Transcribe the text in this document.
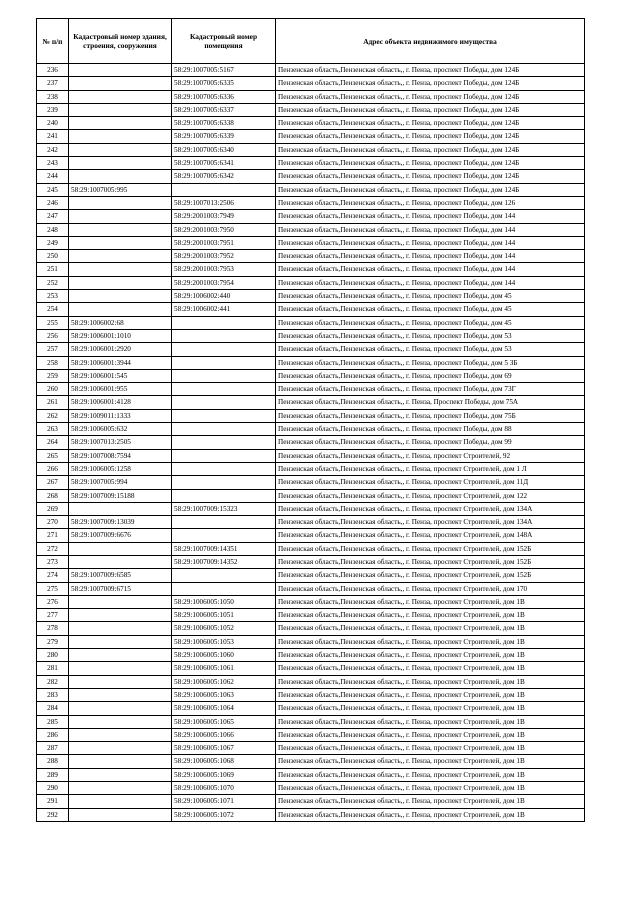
№ п/п	Кадастровый номер здания, строения, сооружения	Кадастровый номер помещения	Адрес объекта недвижимого имущества
236		58:29:1007005:5167	Пензенская область,Пензенская область,, г. Пенза, проспект Победы, дом 124Б
237		58:29:1007005:6335	Пензенская область,Пензенская область,, г. Пенза, проспект Победы, дом 124Б
238		58:29:1007005:6336	Пензенская область,Пензенская область,, г. Пенза, проспект Победы, дом 124Б
239		58:29:1007005:6337	Пензенская область,Пензенская область,, г. Пенза, проспект Победы, дом 124Б
240		58:29:1007005:6338	Пензенская область,Пензенская область,, г. Пенза, проспект Победы, дом 124Б
241		58:29:1007005:6339	Пензенская область,Пензенская область,, г. Пенза, проспект Победы, дом 124Б
242		58:29:1007005:6340	Пензенская область,Пензенская область,, г. Пенза, проспект Победы, дом 124Б
243		58:29:1007005:6341	Пензенская область,Пензенская область,, г. Пенза, проспект Победы, дом 124Б
244		58:29:1007005:6342	Пензенская область,Пензенская область,, г. Пенза, проспект Победы, дом 124Б
245	58:29:1007005:995		Пензенская область,Пензенская область,, г. Пенза, проспект Победы, дом 124Б
246		58:29:1007013:2506	Пензенская область,Пензенская область,, г. Пенза, проспект Победы, дом 126
247		58:29:2001003:7949	Пензенская область,Пензенская область,, г. Пенза, проспект Победы, дом 144
248		58:29:2001003:7950	Пензенская область,Пензенская область,, г. Пенза, проспект Победы, дом 144
249		58:29:2001003:7951	Пензенская область,Пензенская область,, г. Пенза, проспект Победы, дом 144
250		58:29:2001003:7952	Пензенская область,Пензенская область,, г. Пенза, проспект Победы, дом 144
251		58:29:2001003:7953	Пензенская область,Пензенская область,, г. Пенза, проспект Победы, дом 144
252		58:29:2001003:7954	Пензенская область,Пензенская область,, г. Пенза, проспект Победы, дом 144
253		58:29:1006002:440	Пензенская область,Пензенская область,, г. Пенза, проспект Победы, дом 45
254		58:29:1006002:441	Пензенская область,Пензенская область,, г. Пенза, проспект Победы, дом 45
255	58:29:1006002:68		Пензенская область,Пензенская область,, г. Пенза, проспект Победы, дом 45
256	58:29:1006001:1010		Пензенская область,Пензенская область,, г. Пенза, проспект Победы, дом 53
257	58:29:1006001:2920		Пензенская область,Пензенская область,, г. Пенза, проспект Победы, дом 53
258	58:29:1006001:3944		Пензенская область,Пензенская область,, г. Пенза, проспект Победы, дом 5 ЗБ
259	58:29:1006001:545		Пензенская область,Пензенская область,, г. Пенза, проспект Победы, дом 69
260	58:29:1006001:955		Пензенская область,Пензенская область,, г. Пенза, проспект Победы, дом 73Г
261	58:29:1006001:4128		Пензенская область,Пензенская область,, г. Пенза, Проспект Победы, дом 75А
262	58:29:1009011:1333		Пензенская область,Пензенская область,, г. Пенза, проспект Победы, дом 75Б
263	58:29:1006005:632		Пензенская область,Пензенская область,, г. Пенза, проспект Победы, дом 88
264	58:29:1007013:2505		Пензенская область,Пензенская область,, г. Пенза, проспект Победы, дом 99
265	58:29:1007008:7594		Пензенская область,Пензенская область,, г. Пенза, проспект Строителей, 92
266	58:29:1006005:1258		Пензенская область,Пензенская область,, г. Пенза, проспект Строителей, дом 1 Л
267	58:29:1007005:994		Пензенская область,Пензенская область,, г. Пенза, проспект Строителей, дом 11Д
268	58:29:1007009:15188		Пензенская область,Пензенская область,, г. Пенза, проспект Строителей, дом 122
269		58:29:1007009:15323	Пензенская область,Пензенская область,, г. Пенза, проспект Строителей, дом 134А
270	58:29:1007009:13039		Пензенская область,Пензенская область,, г. Пенза, проспект Строителей, дом 134А
271	58:29:1007009:6676		Пензенская область,Пензенская область,, г. Пенза, проспект Строителей, дом 148А
272		58:29:1007009:14351	Пензенская область,Пензенская область,, г. Пенза, проспект Строителей, дом 152Б
273		58:29:1007009:14352	Пензенская область,Пензенская область,, г. Пенза, проспект Строителей, дом 152Б
274	58:29:1007009:6585		Пензенская область,Пензенская область,, г. Пенза, проспект Строителей, дом 152Б
275	58:29:1007009:6715		Пензенская область,Пензенская область,, г. Пенза, проспект Строителей, дом 170
276		58:29:1006005:1050	Пензенская область,Пензенская область,, г. Пенза, проспект Строителей, дом 1В
277		58:29:1006005:1051	Пензенская область,Пензенская область,, г. Пенза, проспект Строителей, дом 1В
278		58:29:1006005:1052	Пензенская область,Пензенская область,, г. Пенза, проспект Строителей, дом 1В
279		58:29:1006005:1053	Пензенская область,Пензенская область,, г. Пенза, проспект Строителей, дом 1В
280		58:29:1006005:1060	Пензенская область,Пензенская область,, г. Пенза, проспект Строителей, дом 1В
281		58:29:1006005:1061	Пензенская область,Пензенская область,, г. Пенза, проспект Строителей, дом 1В
282		58:29:1006005:1062	Пензенская область,Пензенская область,, г. Пенза, проспект Строителей, дом 1В
283		58:29:1006005:1063	Пензенская область,Пензенская область,, г. Пенза, проспект Строителей, дом 1В
284		58:29:1006005:1064	Пензенская область,Пензенская область,, г. Пенза, проспект Строителей, дом 1В
285		58:29:1006005:1065	Пензенская область,Пензенская область,, г. Пенза, проспект Строителей, дом 1В
286		58:29:1006005:1066	Пензенская область,Пензенская область,, г. Пенза, проспект Строителей, дом 1В
287		58:29:1006005:1067	Пензенская область,Пензенская область,, г. Пенза, проспект Строителей, дом 1В
288		58:29:1006005:1068	Пензенская область,Пензенская область,, г. Пенза, проспект Строителей, дом 1В
289		58:29:1006005:1069	Пензенская область,Пензенская область,, г. Пенза, проспект Строителей, дом 1В
290		58:29:1006005:1070	Пензенская область,Пензенская область,, г. Пенза, проспект Строителей, дом 1В
291		58:29:1006005:1071	Пензенская область,Пензенская область,, г. Пенза, проспект Строителей, дом 1В
292		58:29:1006005:1072	Пензенская область,Пензенская область,, г. Пенза, проспект Строителей, дом 1В
